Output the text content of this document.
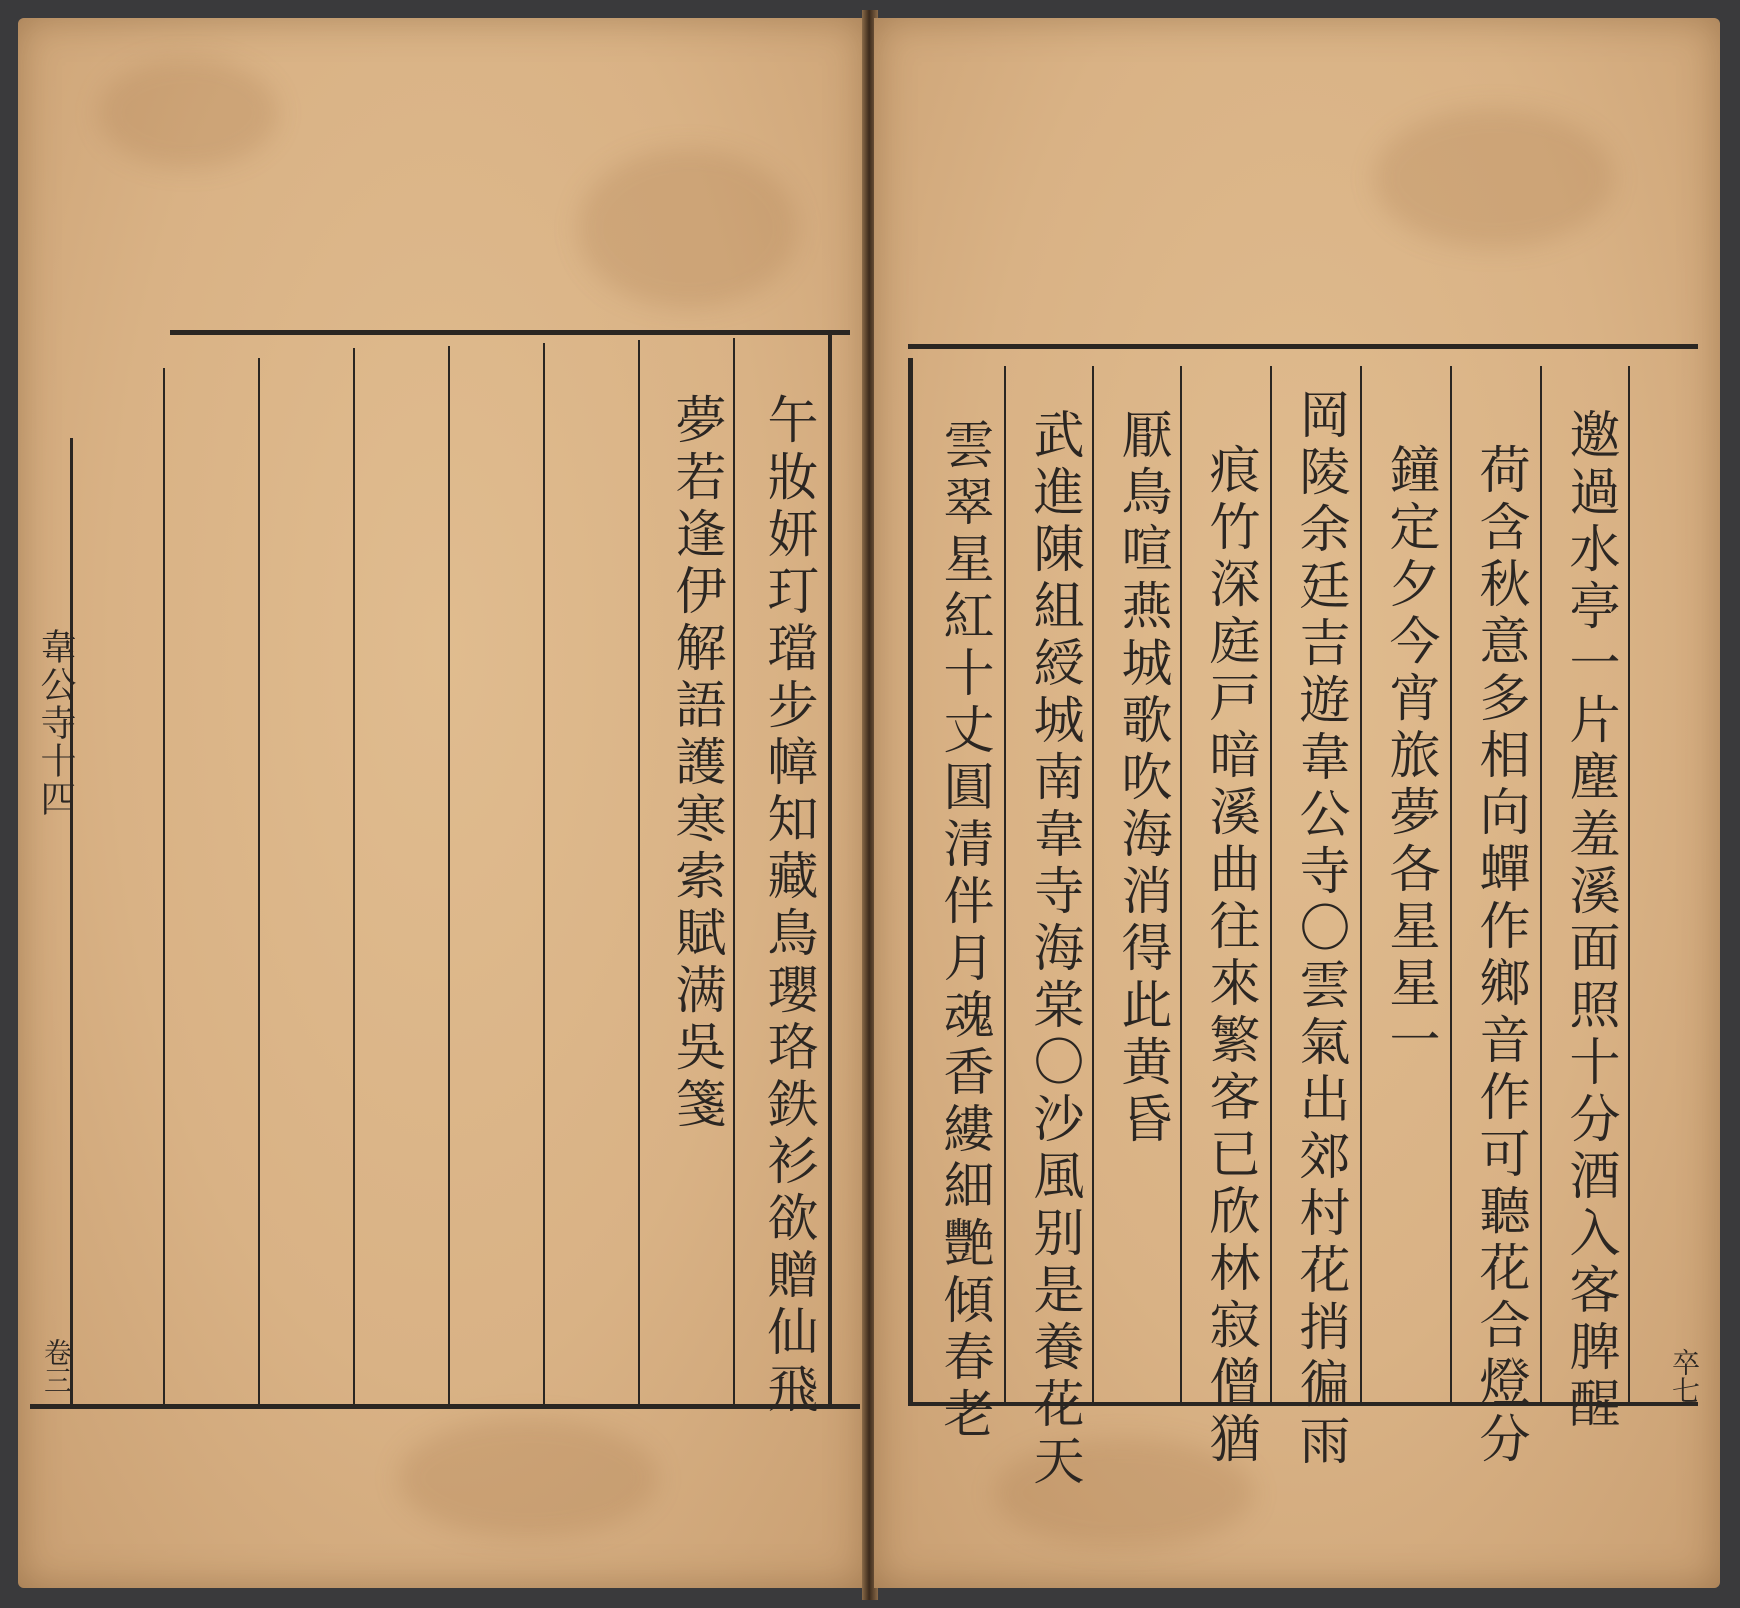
午妝妍玎璫步幛知藏鳥瓔珞鉄衫欲贈仙飛
夢若逢伊解語護寒索賦满吳箋
韋公寺十四
卷三	邀過水亭一片塵羞溪面照十分酒入客脾醒
荷含秋意多相向蟬作鄉音作可聽花合燈分
鐘定夕今宵旅夢各星星一
岡陵余廷吉遊韋公寺〇雲氣出郊村花捎徧雨
痕竹深庭戸暗溪曲往來繁客已欣林寂僧猶
厭鳥喧燕城歌吹海消得此黄昏
武進陳組綬城南韋寺海棠〇沙風别是養花天
雲翠星紅十丈圓清伴月魂香縷細艷傾春老	卒七
